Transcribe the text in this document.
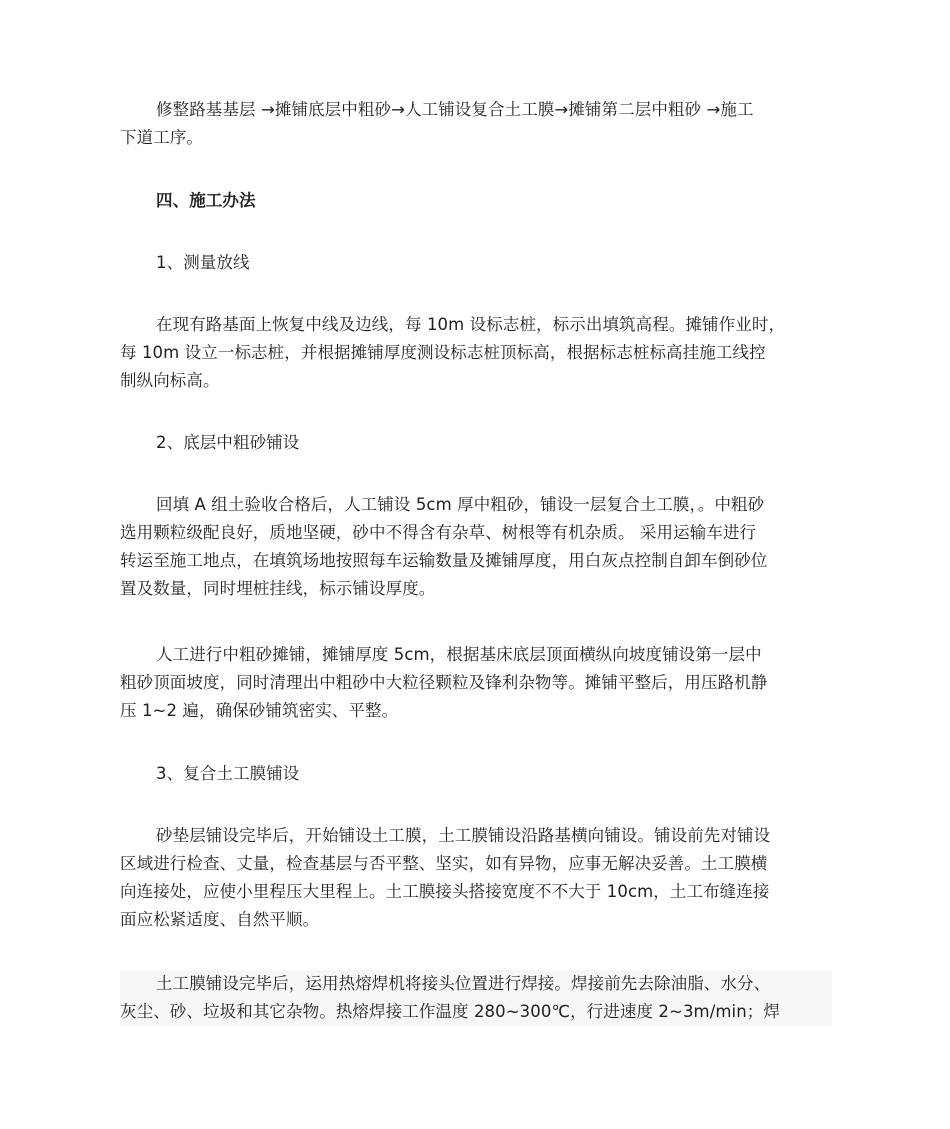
修整路基基层 →摊铺底层中粗砂→人工铺设复合土工膜→摊铺第二层中粗砂 →施工
下道工序。
四、施工办法
1、测量放线
在现有路基面上恢复中线及边线，每 10m 设标志桩，标示出填筑高程。摊铺作业时，
每 10m 设立一标志桩，并根据摊铺厚度测设标志桩顶标高，根据标志桩标高挂施工线控
制纵向标高。
2、底层中粗砂铺设
回填 A 组土验收合格后，人工铺设 5cm 厚中粗砂，铺设一层复合土工膜，。中粗砂
选用颗粒级配良好，质地坚硬，砂中不得含有杂草、树根等有机杂质。 采用运输车进行
转运至施工地点，在填筑场地按照每车运输数量及摊铺厚度，用白灰点控制自卸车倒砂位
置及数量，同时埋桩挂线，标示铺设厚度。
人工进行中粗砂摊铺，摊铺厚度 5cm，根据基床底层顶面横纵向坡度铺设第一层中
粗砂顶面坡度，同时清理出中粗砂中大粒径颗粒及锋利杂物等。摊铺平整后，用压路机静
压 1~2 遍，确保砂铺筑密实、平整。
3、复合土工膜铺设
砂垫层铺设完毕后，开始铺设土工膜，土工膜铺设沿路基横向铺设。铺设前先对铺设
区域进行检查、丈量，检查基层与否平整、坚实，如有异物，应事无解决妥善。土工膜横
向连接处，应使小里程压大里程上。土工膜接头搭接宽度不不大于 10cm，土工布缝连接
面应松紧适度、自然平顺。
土工膜铺设完毕后，运用热熔焊机将接头位置进行焊接。焊接前先去除油脂、水分、
灰尘、砂、垃圾和其它杂物。热熔焊接工作温度 280~300℃，行进速度 2~3m/min；焊
